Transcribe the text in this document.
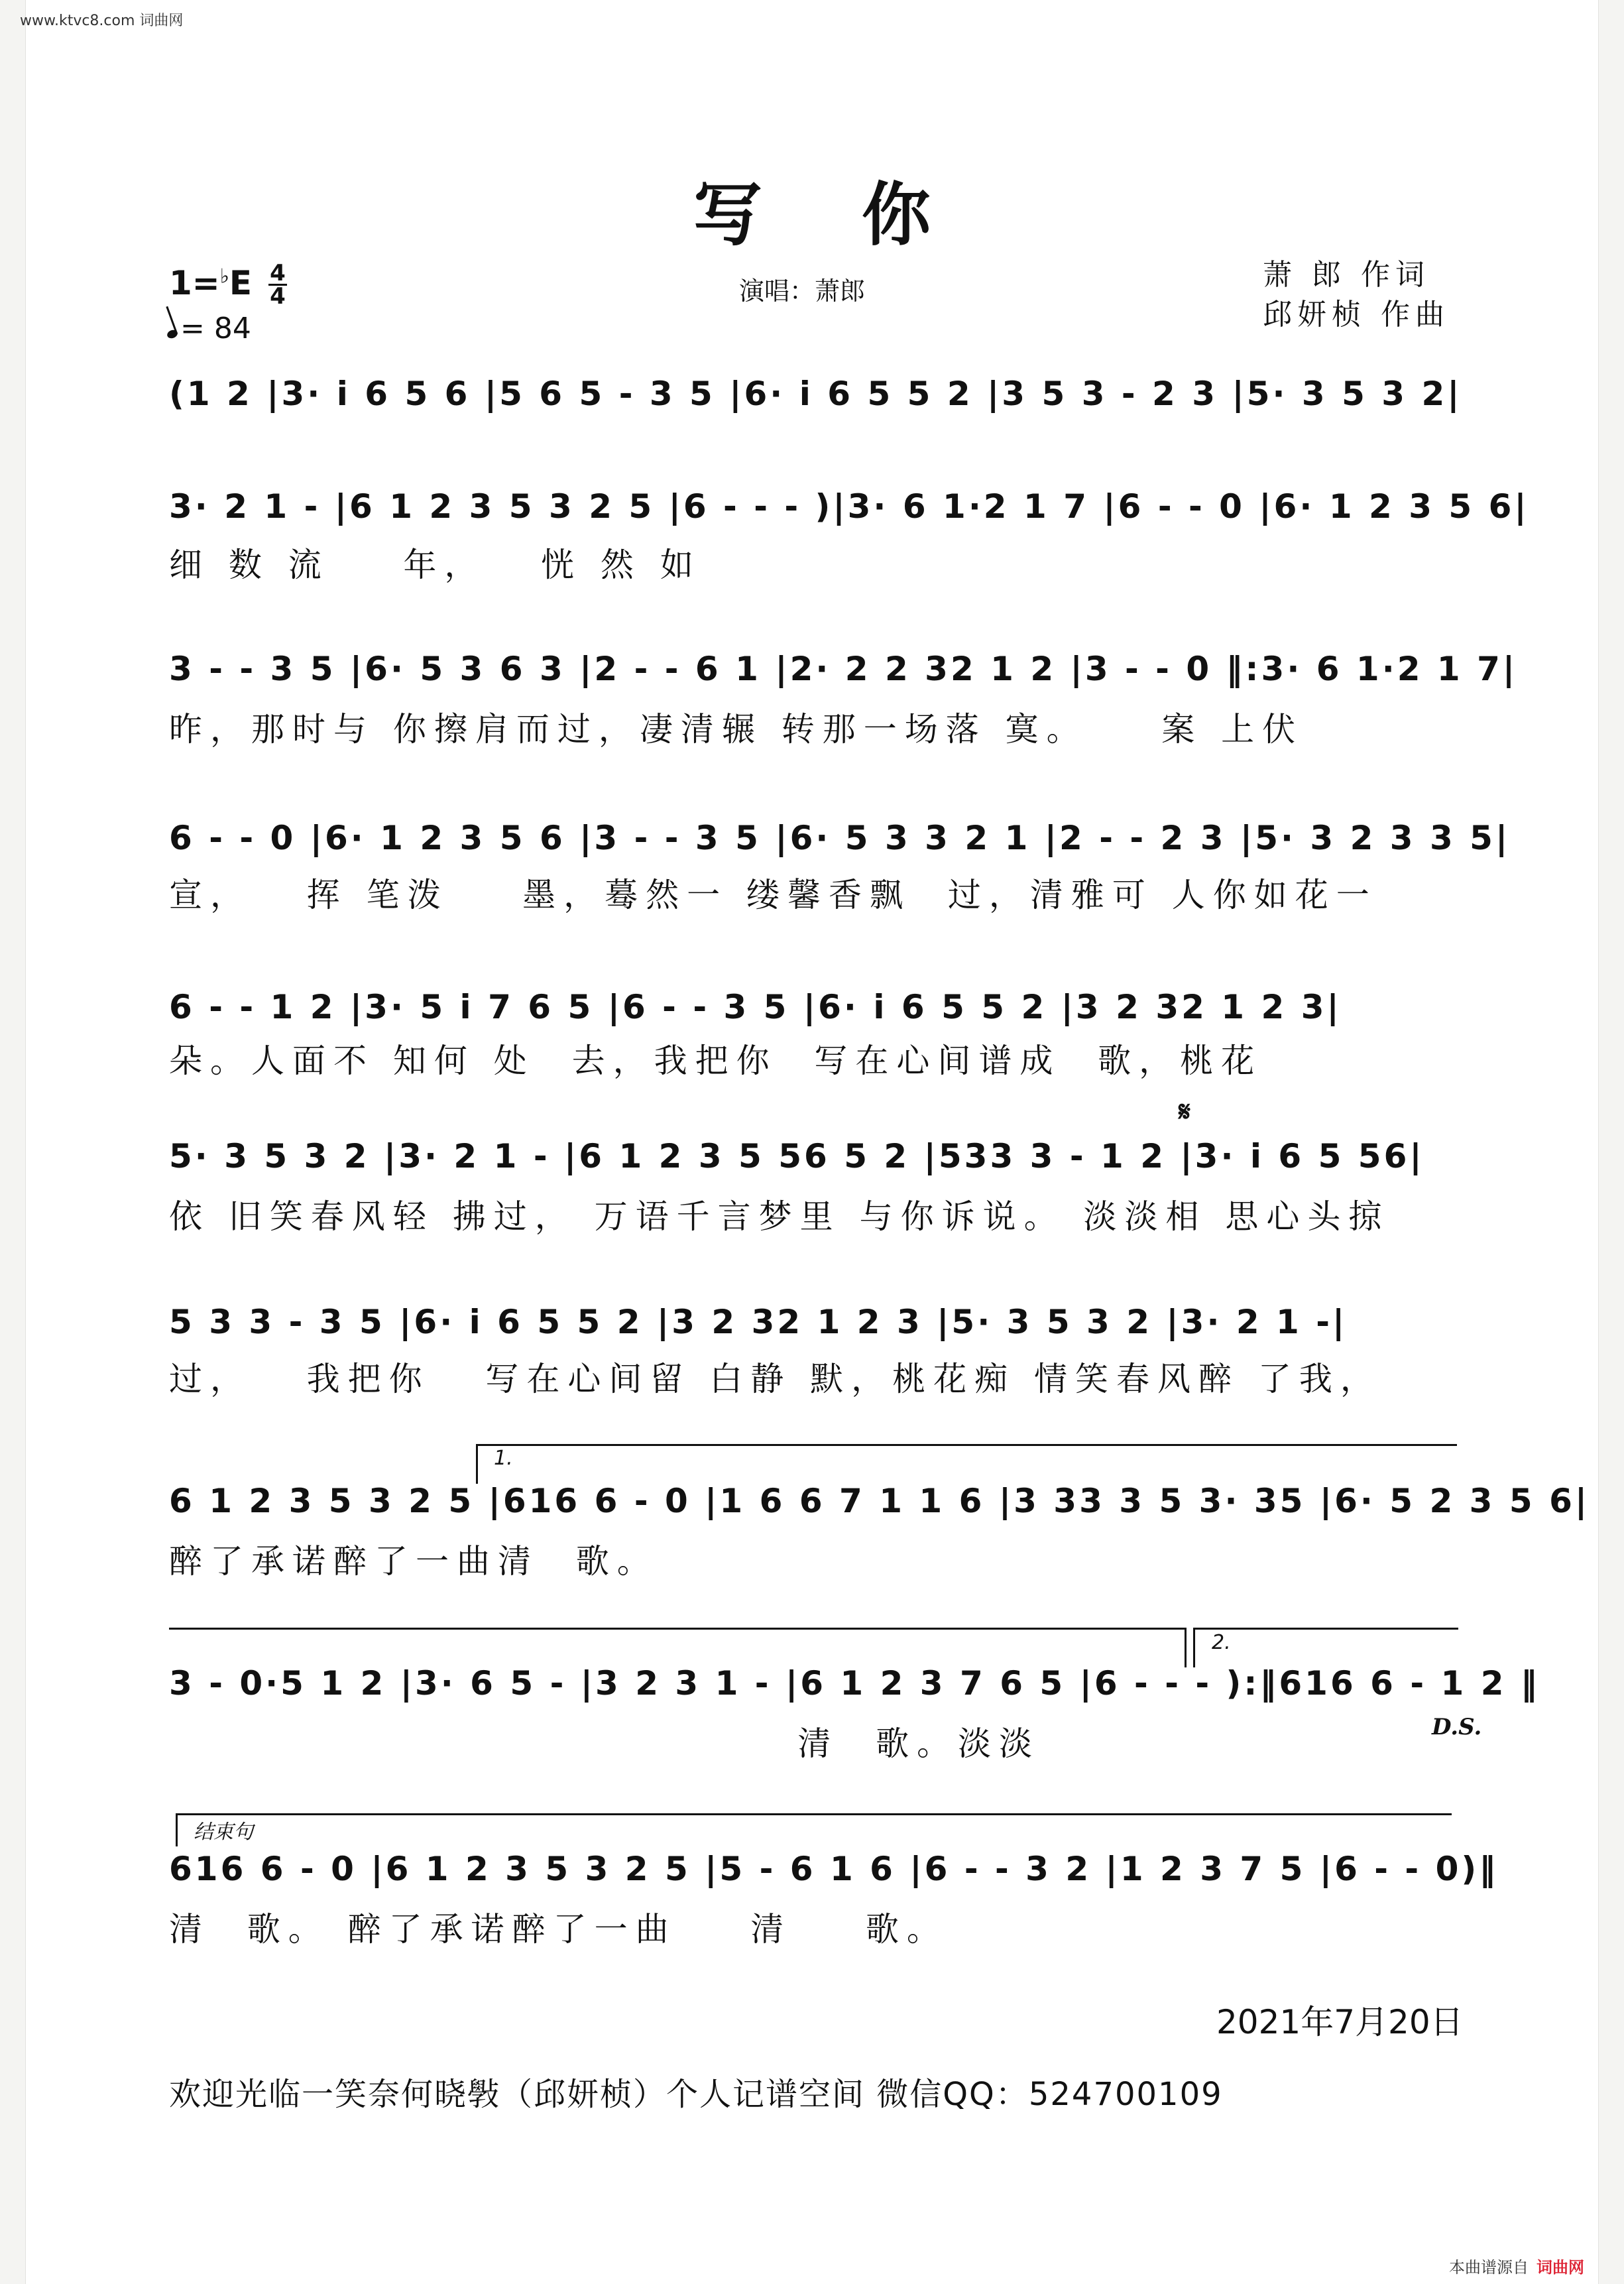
www.ktvc8.com 词曲网
写你
1=♭E 4
4
= 84
演唱：萧郎	萧 郎 作词
邱妍桢 作曲
(1 2 |3· i 6 5 6 |5 6 5 - 3 5 |6· i 6 5 5 2 |3 5 3 - 2 3 |5· 3 5 3 2|
3· 2 1 - |6 1 2 3 5 3 2 5 |6 - - - )|3· 6 1·2 1 7 |6 - - 0 |6· 1 2 3 5 6|
细 数 流    年，   恍 然 如
3 - - 3 5 |6· 5 3 6 3 |2 - - 6 1 |2· 2 2 32 1 2 |3 - - 0 ‖:3· 6 1·2 1 7|
昨，那时与 你擦肩而过，凄清辗 转那一场落 寞。    案 上伏
6 - - 0 |6· 1 2 3 5 6 |3 - - 3 5 |6· 5 3 3 2 1 |2 - - 2 3 |5· 3 2 3 3 5|
宣，   挥 笔泼    墨，蓦然一 缕馨香飘  过，清雅可 人你如花一
6 - - 1 2 |3· 5 i 7 6 5 |6 - - 3 5 |6· i 6 5 5 2 |3 2 32 1 2 3|
朵。人面不 知何 处  去，我把你  写在心间谱成  歌，桃花
𝄋
5· 3 5 3 2 |3· 2 1 - |6 1 2 3 5 56 5 2 |533 3 - 1 2 |3· i 6 5 56|
依 旧笑春风轻 拂过， 万语千言梦里 与你诉说。 淡淡相 思心头掠
5 3 3 - 3 5 |6· i 6 5 5 2 |3 2 32 1 2 3 |5· 3 5 3 2 |3· 2 1 -|
过，   我把你   写在心间留 白静 默，桃花痴 情笑春风醉 了我，
1.
6 1 2 3 5 3 2 5 |616 6 - 0 |1 6 6 7 1 1 6 |3 33 3 5 3· 35 |6· 5 2 3 5 6|
醉了承诺醉了一曲清  歌。
2.
3 - 0·5 1 2 |3· 6 5 - |3 2 3 1 - |6 1 2 3 7 6 5 |6 - - - ):‖616 6 - 1 2 ‖
清  歌。淡淡	D.S.
结束句
616 6 - 0 |6 1 2 3 5 3 2 5 |5 - 6 1 6 |6 - - 3 2 |1 2 3 7 5 |6 - - 0)‖
清  歌。 醉了承诺醉了一曲    清    歌。
2021年7月20日
欢迎光临一笑奈何晓斅（邱妍桢）个人记谱空间 微信QQ：524700109
本曲谱源自 词曲网
